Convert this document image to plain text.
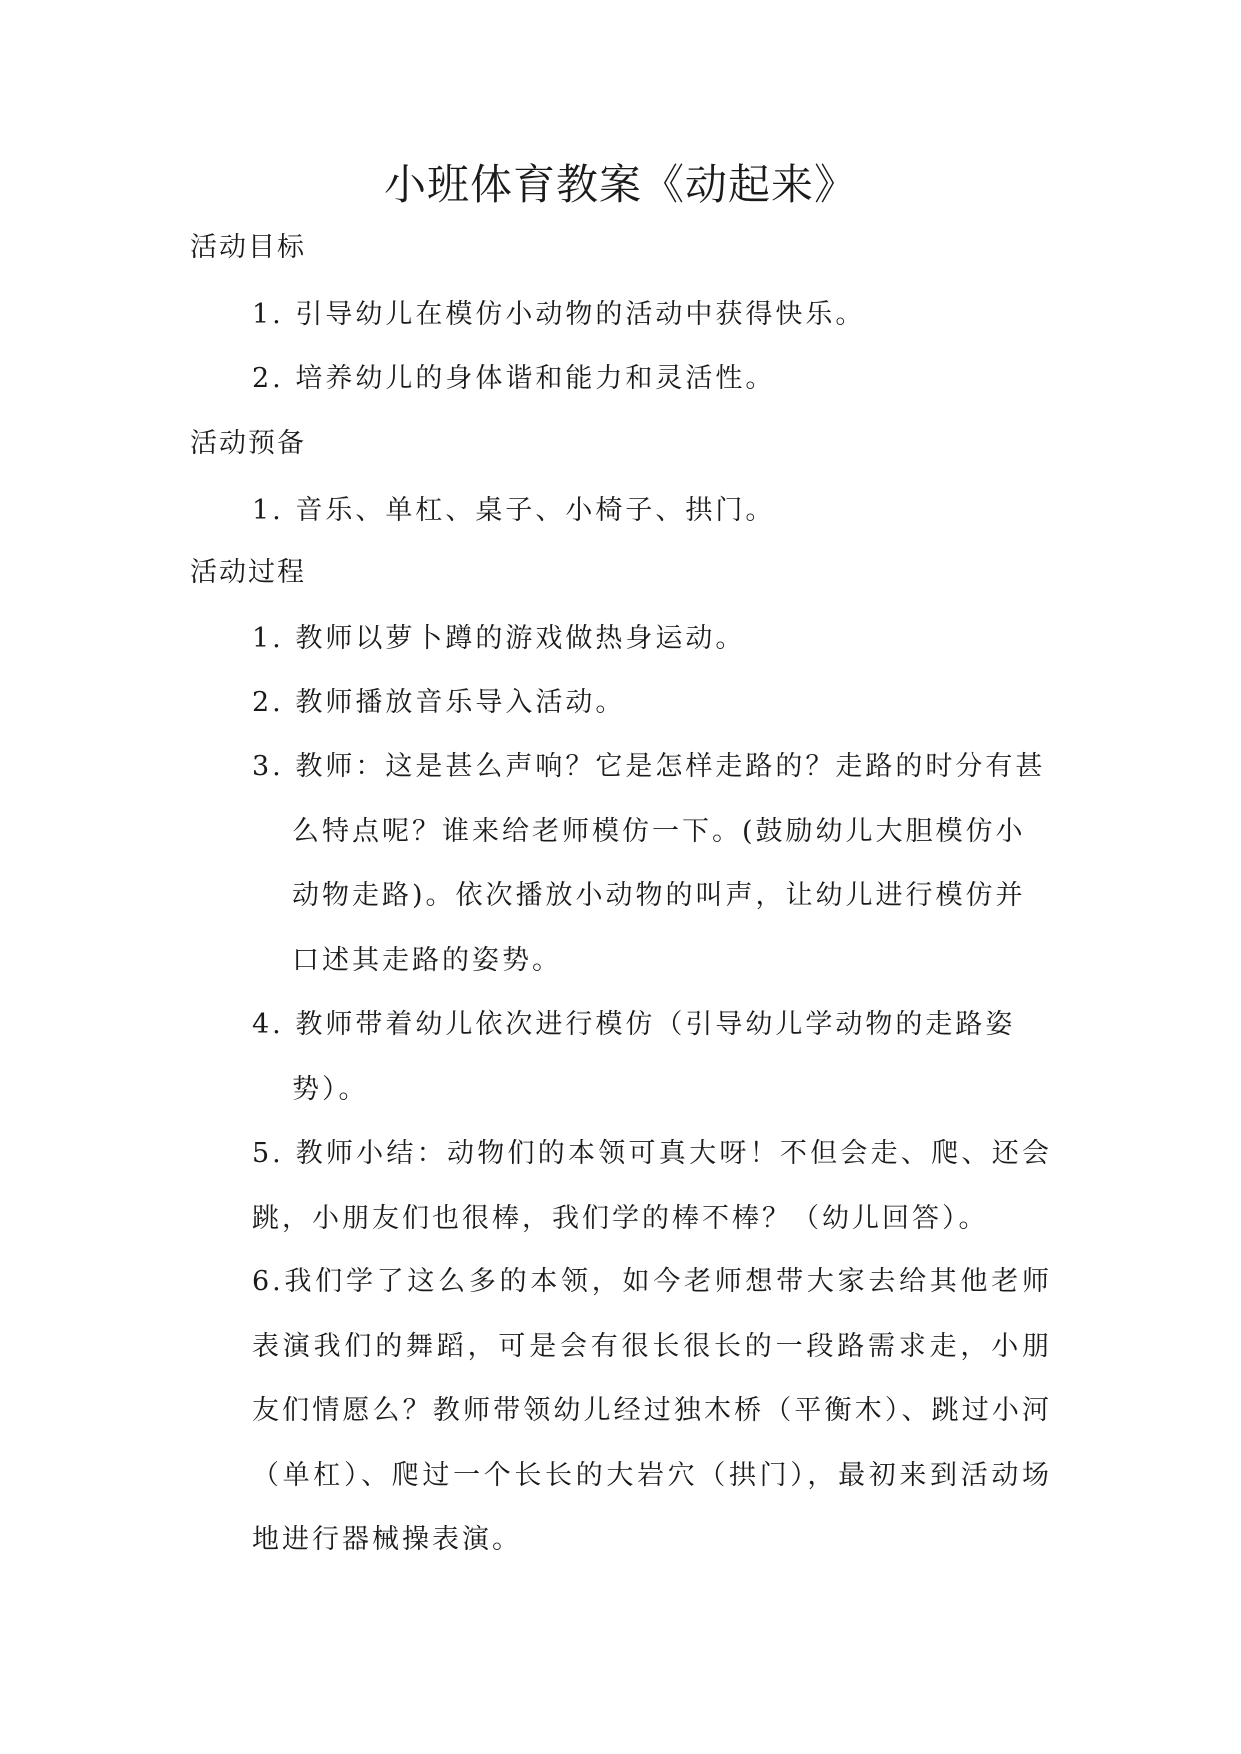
小班体育教案《动起来》
活动目标
1. 引导幼儿在模仿小动物的活动中获得快乐。
2. 培养幼儿的身体谐和能力和灵活性。
活动预备
1. 音乐、单杠、桌子、小椅子、拱门。
活动过程
1. 教师以萝卜蹲的游戏做热身运动。
2. 教师播放音乐导入活动。
3. 教师：这是甚么声响？它是怎样走路的？走路的时分有甚么特点呢？谁来给老师模仿一下。(鼓励幼儿大胆模仿小动物走路)。依次播放小动物的叫声，让幼儿进行模仿并口述其走路的姿势。
4. 教师带着幼儿依次进行模仿（引导幼儿学动物的走路姿势）。
5. 教师小结：动物们的本领可真大呀！不但会走、爬、还会跳，小朋友们也很棒，我们学的棒不棒？（幼儿回答）。
6.我们学了这么多的本领，如今老师想带大家去给其他老师表演我们的舞蹈，可是会有很长很长的一段路需求走，小朋友们情愿么？教师带领幼儿经过独木桥（平衡木）、跳过小河（单杠）、爬过一个长长的大岩穴（拱门），最初来到活动场地进行器械操表演。
